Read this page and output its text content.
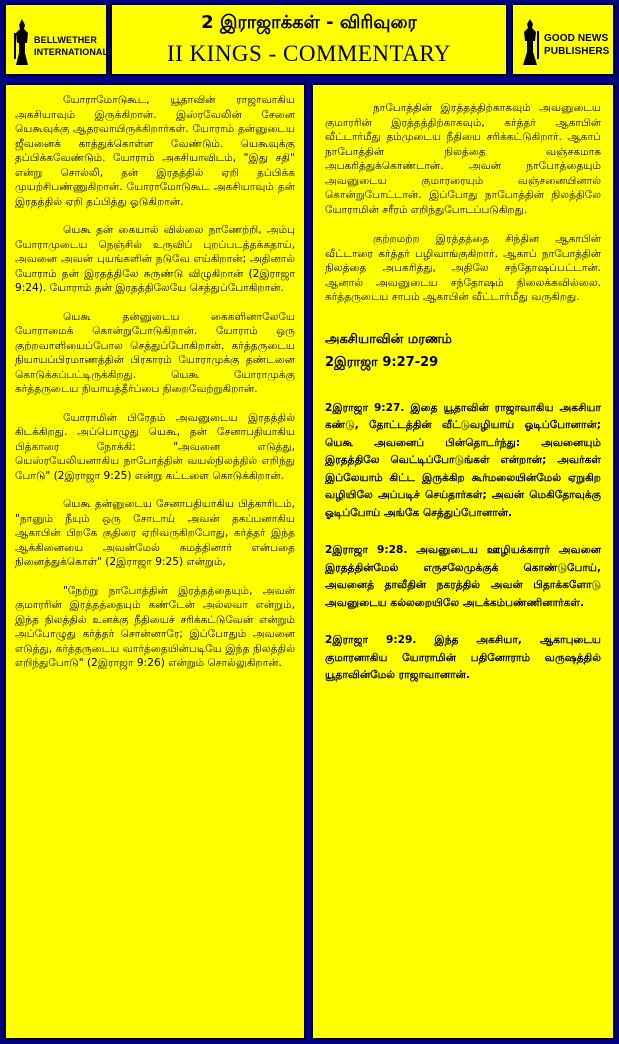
BELLWETHER
INTERNATIONAL
2 இராஜாக்கள் - விரிவுரை
II KINGS - COMMENTARY
GOOD NEWS
PUBLISHERS

யோராமோடுகூட, யூதாவின் ராஜாவாகிய அகசியாவும் இருக்கிறான். இஸ்ரவேலின் சேனை யெகூவுக்கு ஆதரவாயிருக்கிறார்கள். யோராம் தன்னுடைய ஜீவனைக் காத்துக்கொள்ள வேண்டும். யெகூவுக்கு தப்பிக்கவேண்டும். யோராம் அகசியாவிடம், "இது சதி" என்று சொல்லி, தன் இரதத்தில் ஏறி தப்பிக்க முயற்சிபண்ணுகிறான். யோராமோடுகூட அகசியாவும் தன் இரதத்தில் ஏறி தப்பித்து ஓடுகிறான்.

யெகூ தன் கையால் வில்லை நாணேற்றி, அம்பு யோராமுடைய நெஞ்சில் உருவிப் புறப்படத்தக்கதாய், அவனை அவன் புயங்களின் நடுவே எய்கிறான்; அதினால் யோராம் தன் இரதத்திலே சுருண்டு விழுகிறான் (2இராஜா 9:24). யோராம் தன் இரதத்திலேயே செத்துப்போகிறான்.

யெகூ தன்னுடைய கைகளினாலேயே யோராமைக் கொன்றுபோடுகிறான். யோராம் ஒரு குற்றவாளியைப்போல செத்துப்போகிறான். கர்த்தருடைய நியாயப்பிரமாணத்தின் பிரகாரம் யோராமுக்கு தண்டனை கொடுக்கப்பட்டிருக்கிறது. யெகூ யோராமுக்கு கர்த்தருடைய நியாயத்தீர்ப்பை நிறைவேற்றுகிறான்.

யோராமின் பிரேதம் அவனுடைய இரதத்தில் கிடக்கிறது. அப்பொழுது யெகூ, தன் சேனாபதியாகிய பித்காரை நோக்கி: "அவனை எடுத்து, யெஸ்ரயேலியனாகிய நாபோத்தின் வயல்நிலத்தில் எறிந்து போடு" (2இராஜா 9:25) என்று கட்டளை கொடுக்கிறான்.

யெகூ தன்னுடைய சேனாபதியாகிய பித்காரிடம், "நானும் நீயும் ஒரு சோடாய் அவன் தகப்பனாகிய ஆகாபின் பிறகே குதிரை ஏறிவருகிறபோது, கர்த்தர் இந்த ஆக்கினையை அவன்மேல் சுமத்தினார் என்பதை நினைத்துக்கொள்" (2இராஜா 9:25) என்றும்,

"நேற்று நாபோத்தின் இரத்தத்தையும், அவன் குமாரரின் இரத்தத்தையும் கண்டேன் அல்லவா என்றும், இந்த நிலத்தில் உனக்கு நீதியைச் சரிக்கட்டுவேன் என்றும் அப்போழுது கர்த்தர் சொன்னாரே; இப்போதும் அவனை எடுத்து, கர்த்தருடைய வார்த்தையின்படியே இந்த நிலத்தில் எறிந்துபோடு" (2இராஜா 9:26) என்றும் சொல்லுகிறான்.

நாபோத்தின் இரத்தத்திற்காகவும் அவனுடைய குமாரரின் இரத்தத்திற்காகவும், கர்த்தர் ஆகாபின் வீட்டார்மீது தம்முடைய நீதியை சரிக்கட்டுகிறார். ஆகாப் நாபோத்தின் நிலத்தை வஞ்சகமாக அபகரித்துக்கொண்டான். அவன் நாபோத்தையும் அவனுடைய குமாரரையும் வஞ்சனையினால் கொன்றுபோட்டான். இப்போது நாபோத்தின் நிலத்திலே யோராமின் சரீரம் எறிந்துபோடப்படுகிறது.

குற்றமற்ற இரத்தத்தை சிந்தின ஆகாபின் வீட்டாரை கர்த்தர் பழிவாங்குகிறார். ஆகாப் நாபோத்தின் நிலத்தை அபகரித்து, அதிலே சந்தோஷப்பட்டான். ஆனால் அவனுடைய சந்தோஷம் நிலைக்கவில்லை. கர்த்தருடைய சாபம் ஆகாபின் வீட்டார்மீது வருகிறது.

அகசியாவின் மரணம்
2இராஜா 9:27-29

2இராஜா 9:27. இதை யூதாவின் ராஜாவாகிய அகசியா கண்டு, தோட்டத்தின் வீட்டுவழியாய் ஓடிப்போனான்; யெகூ அவனைப் பின்தொடர்ந்து: அவனையும் இரதத்திலே வெட்டிப்போடுங்கள் என்றான்; அவர்கள் இப்லேயாம் கிட்ட இருக்கிற கூர்மலையின்மேல் ஏறுகிற வழியிலே அப்படிச் செய்தார்கள்; அவன் மெகிதோவுக்கு ஓடிப்போய் அங்கே செத்துப்போனான்.

2இராஜா 9:28. அவனுடைய ஊழியக்காரர் அவனை இரதத்தின்மேல் எருசலேமுக்குக் கொண்டுபோய், அவனைத் தாவீதின் நகரத்தில் அவன் பிதாக்களோடு அவனுடைய கல்லறையிலே அடக்கம்பண்ணினார்கள்.

2இராஜா 9:29. இந்த அகசியா, ஆகாபுடைய குமாரனாகிய யோராமின் பதினோராம் வருஷத்தில் யூதாவின்மேல் ராஜாவானான்.
